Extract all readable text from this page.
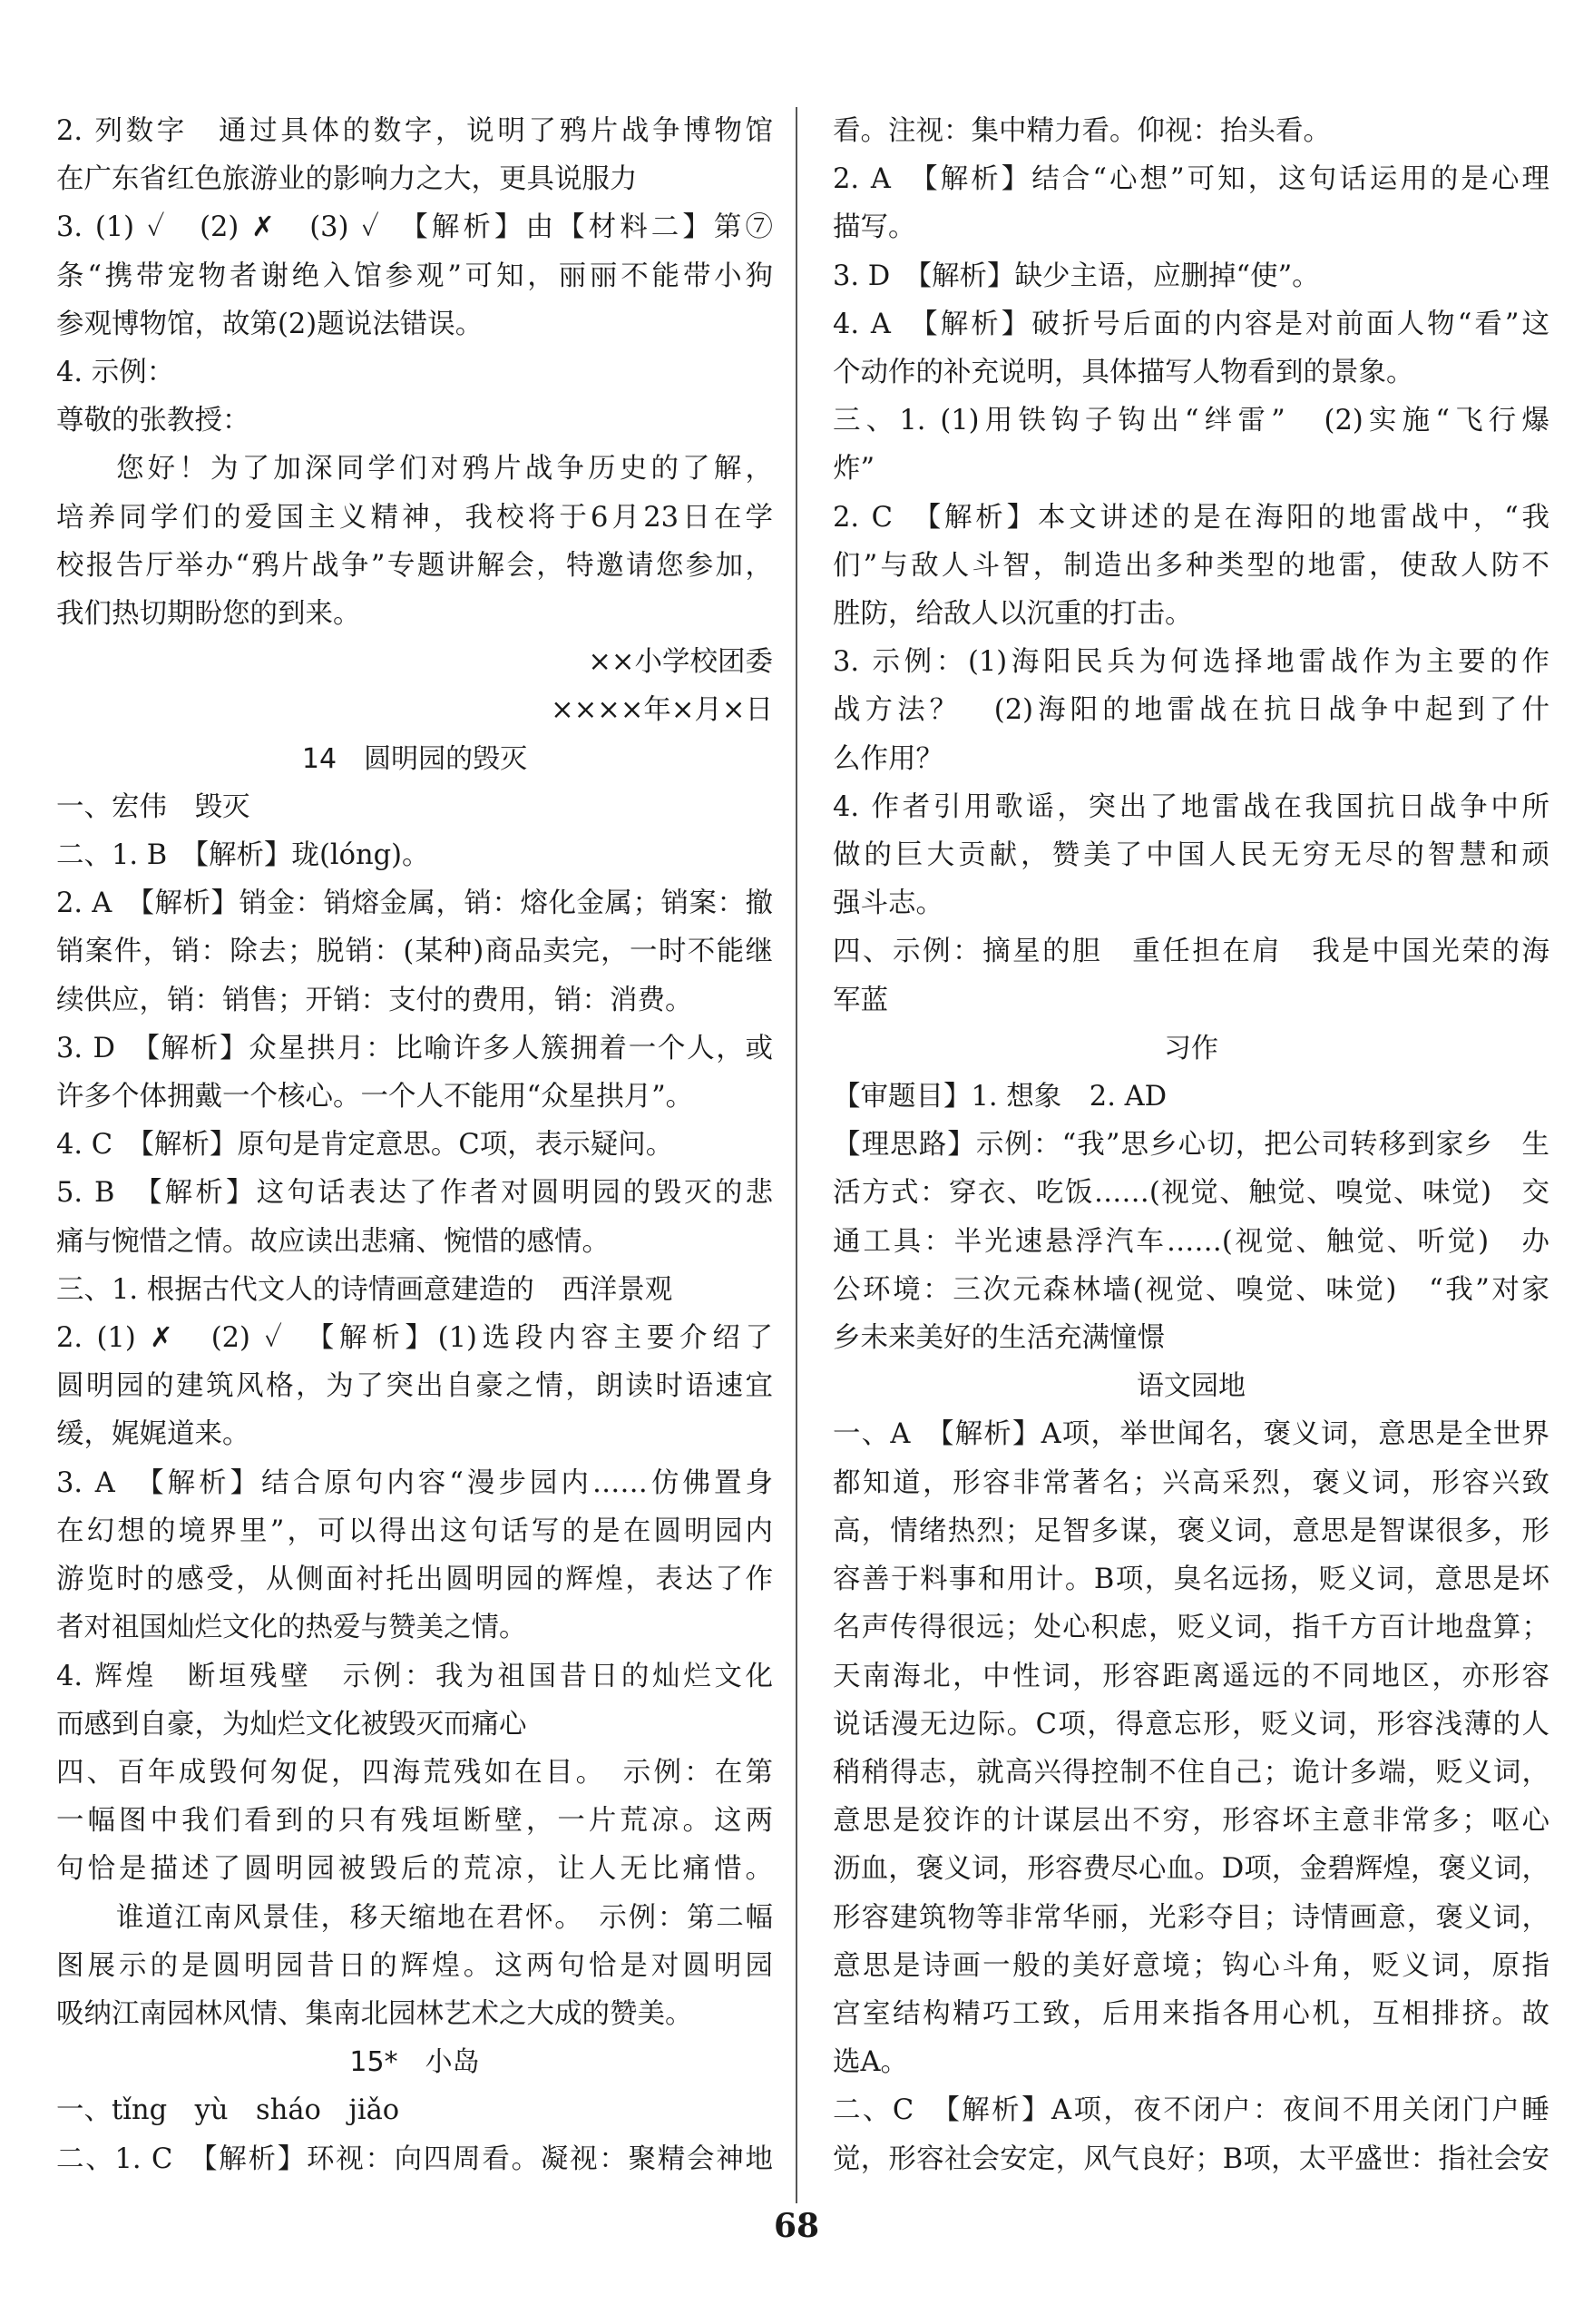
2. 列数字　通过具体的数字，说明了鸦片战争博物馆
在广东省红色旅游业的影响力之大，更具说服力
3. (1) ✓　(2) ✗　(3) ✓　【解析】由【材料二】第⑦
条“携带宠物者谢绝入馆参观”可知，丽丽不能带小狗
参观博物馆，故第(2)题说法错误。
4. 示例：
尊敬的张教授：
您好！为了加深同学们对鸦片战争历史的了解，
培养同学们的爱国主义精神，我校将于6月23日在学
校报告厅举办“鸦片战争”专题讲解会，特邀请您参加，
我们热切期盼您的到来。
××小学校团委
××××年×月×日
14　圆明园的毁灭
一、宏伟　毁灭
二、1. B　【解析】珑(lóng)。
2. A　【解析】销金：销熔金属，销：熔化金属；销案：撤
销案件，销：除去；脱销：(某种)商品卖完，一时不能继
续供应，销：销售；开销：支付的费用，销：消费。
3. D　【解析】众星拱月：比喻许多人簇拥着一个人，或
许多个体拥戴一个核心。一个人不能用“众星拱月”。
4. C　【解析】原句是肯定意思。C项，表示疑问。
5. B　【解析】这句话表达了作者对圆明园的毁灭的悲
痛与惋惜之情。故应读出悲痛、惋惜的感情。
三、1. 根据古代文人的诗情画意建造的　西洋景观
2. (1) ✗　(2) ✓　【解析】(1)选段内容主要介绍了
圆明园的建筑风格，为了突出自豪之情，朗读时语速宜
缓，娓娓道来。
3. A　【解析】结合原句内容“漫步园内……仿佛置身
在幻想的境界里”，可以得出这句话写的是在圆明园内
游览时的感受，从侧面衬托出圆明园的辉煌，表达了作
者对祖国灿烂文化的热爱与赞美之情。
4. 辉煌　断垣残壁　示例：我为祖国昔日的灿烂文化
而感到自豪，为灿烂文化被毁灭而痛心
四、百年成毁何匆促，四海荒残如在目。　示例：在第
一幅图中我们看到的只有残垣断壁，一片荒凉。这两
句恰是描述了圆明园被毁后的荒凉，让人无比痛惜。
谁道江南风景佳，移天缩地在君怀。　示例：第二幅
图展示的是圆明园昔日的辉煌。这两句恰是对圆明园
吸纳江南园林风情、集南北园林艺术之大成的赞美。
15*　小岛
一、tǐng　yù　sháo　jiǎo
二、1. C　【解析】环视：向四周看。凝视：聚精会神地
看。注视：集中精力看。仰视：抬头看。
2. A　【解析】结合“心想”可知，这句话运用的是心理
描写。
3. D　【解析】缺少主语，应删掉“使”。
4. A　【解析】破折号后面的内容是对前面人物“看”这
个动作的补充说明，具体描写人物看到的景象。
三、1. (1)用铁钩子钩出“绊雷”　(2)实施“飞行爆
炸”
2. C　【解析】本文讲述的是在海阳的地雷战中，“我
们”与敌人斗智，制造出多种类型的地雷，使敌人防不
胜防，给敌人以沉重的打击。
3. 示例：(1)海阳民兵为何选择地雷战作为主要的作
战方法？　(2)海阳的地雷战在抗日战争中起到了什
么作用？
4. 作者引用歌谣，突出了地雷战在我国抗日战争中所
做的巨大贡献，赞美了中国人民无穷无尽的智慧和顽
强斗志。
四、示例：摘星的胆　重任担在肩　我是中国光荣的海
军蓝
习作
【审题目】1. 想象　2. AD
【理思路】示例：“我”思乡心切，把公司转移到家乡　生
活方式：穿衣、吃饭……(视觉、触觉、嗅觉、味觉)　交
通工具：半光速悬浮汽车……(视觉、触觉、听觉)　办
公环境：三次元森林墙(视觉、嗅觉、味觉)　“我”对家
乡未来美好的生活充满憧憬
语文园地
一、A　【解析】A项，举世闻名，褒义词，意思是全世界
都知道，形容非常著名；兴高采烈，褒义词，形容兴致
高，情绪热烈；足智多谋，褒义词，意思是智谋很多，形
容善于料事和用计。B项，臭名远扬，贬义词，意思是坏
名声传得很远；处心积虑，贬义词，指千方百计地盘算；
天南海北，中性词，形容距离遥远的不同地区，亦形容
说话漫无边际。C项，得意忘形，贬义词，形容浅薄的人
稍稍得志，就高兴得控制不住自己；诡计多端，贬义词，
意思是狡诈的计谋层出不穷，形容坏主意非常多；呕心
沥血，褒义词，形容费尽心血。D项，金碧辉煌，褒义词，
形容建筑物等非常华丽，光彩夺目；诗情画意，褒义词，
意思是诗画一般的美好意境；钩心斗角，贬义词，原指
宫室结构精巧工致，后用来指各用心机，互相排挤。故
选A。
二、C　【解析】A项，夜不闭户：夜间不用关闭门户睡
觉，形容社会安定，风气良好；B项，太平盛世：指社会安
68
